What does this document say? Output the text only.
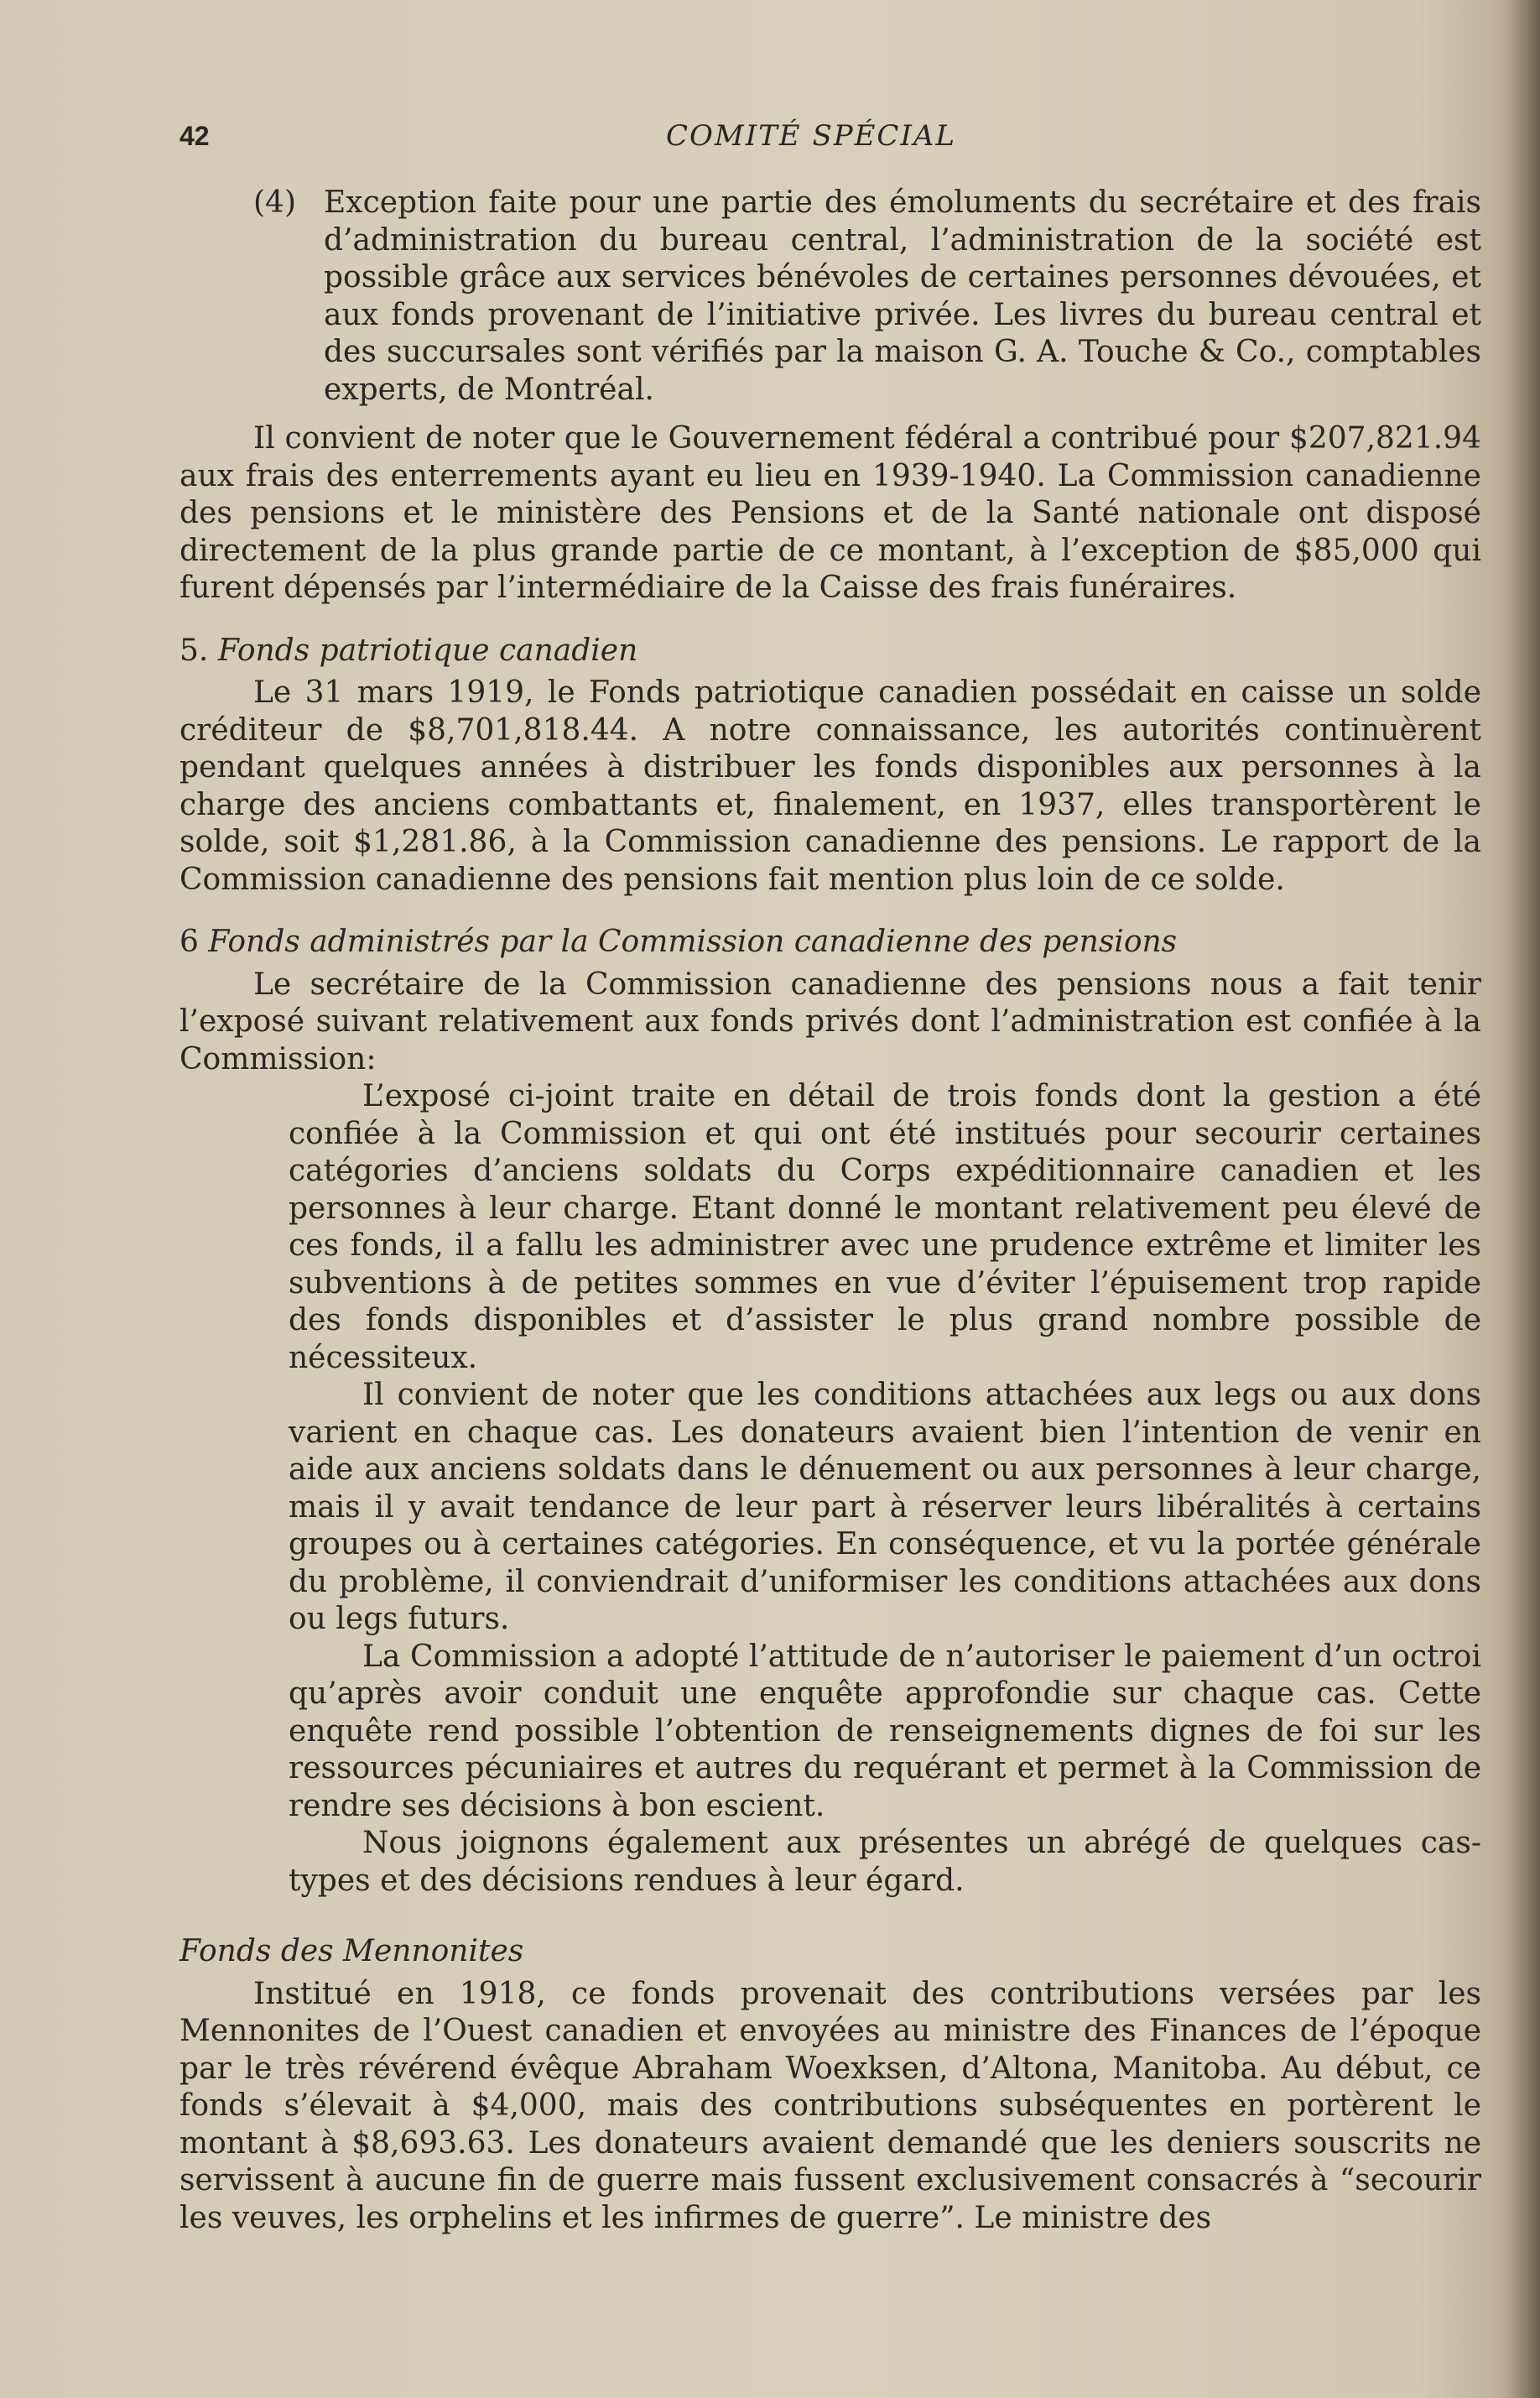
42	COMITÉ SPÉCIAL
(4) Exception faite pour une partie des émoluments du secrétaire et des frais d’administration du bureau central, l’administration de la société est possible grâce aux services bénévoles de certaines personnes dévouées, et aux fonds provenant de l’initiative privée. Les livres du bureau central et des succursales sont vérifiés par la maison G. A. Touche & Co., comptables experts, de Montréal.

Il convient de noter que le Gouvernement fédéral a contribué pour $207,821.94 aux frais des enterrements ayant eu lieu en 1939-1940. La Commission canadienne des pensions et le ministère des Pensions et de la Santé nationale ont disposé directement de la plus grande partie de ce montant, à l’exception de $85,000 qui furent dépensés par l’intermédiaire de la Caisse des frais funéraires.

5. Fonds patriotique canadien

Le 31 mars 1919, le Fonds patriotique canadien possédait en caisse un solde créditeur de $8,701,818.44. A notre connaissance, les autorités continuèrent pendant quelques années à distribuer les fonds disponibles aux personnes à la charge des anciens combattants et, finalement, en 1937, elles transportèrent le solde, soit $1,281.86, à la Commission canadienne des pensions. Le rapport de la Commission canadienne des pensions fait mention plus loin de ce solde.

6 Fonds administrés par la Commission canadienne des pensions

Le secrétaire de la Commission canadienne des pensions nous a fait tenir l’exposé suivant relativement aux fonds privés dont l’administration est confiée à la Commission:

L’exposé ci-joint traite en détail de trois fonds dont la gestion a été confiée à la Commission et qui ont été institués pour secourir certaines catégories d’anciens soldats du Corps expéditionnaire canadien et les personnes à leur charge. Etant donné le montant relativement peu élevé de ces fonds, il a fallu les administrer avec une prudence extrême et limiter les subventions à de petites sommes en vue d’éviter l’épuisement trop rapide des fonds disponibles et d’assister le plus grand nombre possible de nécessiteux.

Il convient de noter que les conditions attachées aux legs ou aux dons varient en chaque cas. Les donateurs avaient bien l’intention de venir en aide aux anciens soldats dans le dénuement ou aux personnes à leur charge, mais il y avait tendance de leur part à réserver leurs libéralités à certains groupes ou à certaines catégories. En conséquence, et vu la portée générale du problème, il conviendrait d’uniformiser les conditions attachées aux dons ou legs futurs.

La Commission a adopté l’attitude de n’autoriser le paiement d’un octroi qu’après avoir conduit une enquête approfondie sur chaque cas. Cette enquête rend possible l’obtention de renseignements dignes de foi sur les ressources pécuniaires et autres du requérant et permet à la Commission de rendre ses décisions à bon escient.

Nous joignons également aux présentes un abrégé de quelques cas-types et des décisions rendues à leur égard.

Fonds des Mennonites

Institué en 1918, ce fonds provenait des contributions versées par les Mennonites de l’Ouest canadien et envoyées au ministre des Finances de l’époque par le très révérend évêque Abraham Woexksen, d’Altona, Manitoba. Au début, ce fonds s’élevait à $4,000, mais des contributions subséquentes en portèrent le montant à $8,693.63. Les donateurs avaient demandé que les deniers souscrits ne servissent à aucune fin de guerre mais fussent exclusivement consacrés à “secourir les veuves, les orphelins et les infirmes de guerre”. Le ministre des
